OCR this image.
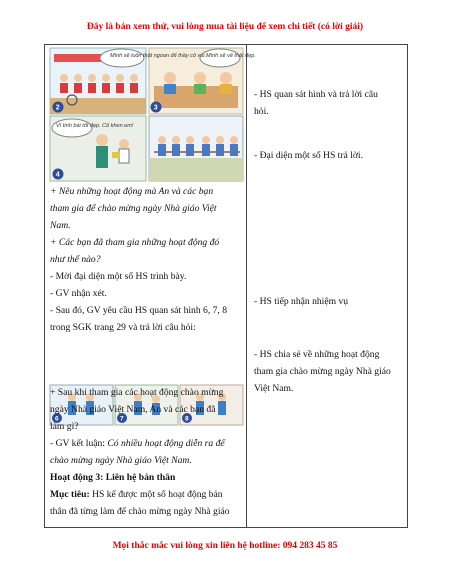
Đây là bản xem thử, vui lòng mua tài liệu để xem chi tiết (có lời giải)
Mình sẽ luôn thật ngoan để thầy cô vui. Mình sẽ vẽ thật đẹp.
Vì tình bài tốt đẹp. Cô khen em!
2	3
4
+ Nêu những hoạt động mà An và các bạn
tham gia để chào mừng ngày Nhà giáo Việt
Nam.
+ Các bạn đã tham gia những hoạt động đó
như thế nào?
- Mời đại diện một số HS trình bày.
- GV nhận xét.
- Sau đó, GV yêu cầu HS quan sát hình 6, 7, 8
trong SGK trang 29 và trả lời câu hỏi:
6	7	8
+ Sau khi tham gia các hoạt động chào mừng
ngày Nhà giáo Việt Nam, An và các bạn đã
làm gì?
- GV kết luận: Có nhiều hoạt động diễn ra để
chào mừng ngày Nhà giáo Việt Nam.
Hoạt động 3: Liên hệ bản thân
Mục tiêu: HS kể được một số hoạt động bản
thân đã từng làm để chào mừng ngày Nhà giáo
- HS quan sát hình và trả lời câu
hỏi.
- Đại diện một số HS trả lời.
- HS tiếp nhận nhiệm vụ
- HS chia sẻ về những hoạt động
tham gia chào mừng ngày Nhà giáo
Việt Nam.
Mọi thắc mắc vui lòng xin liên hệ hotline: 094 283 45 85
